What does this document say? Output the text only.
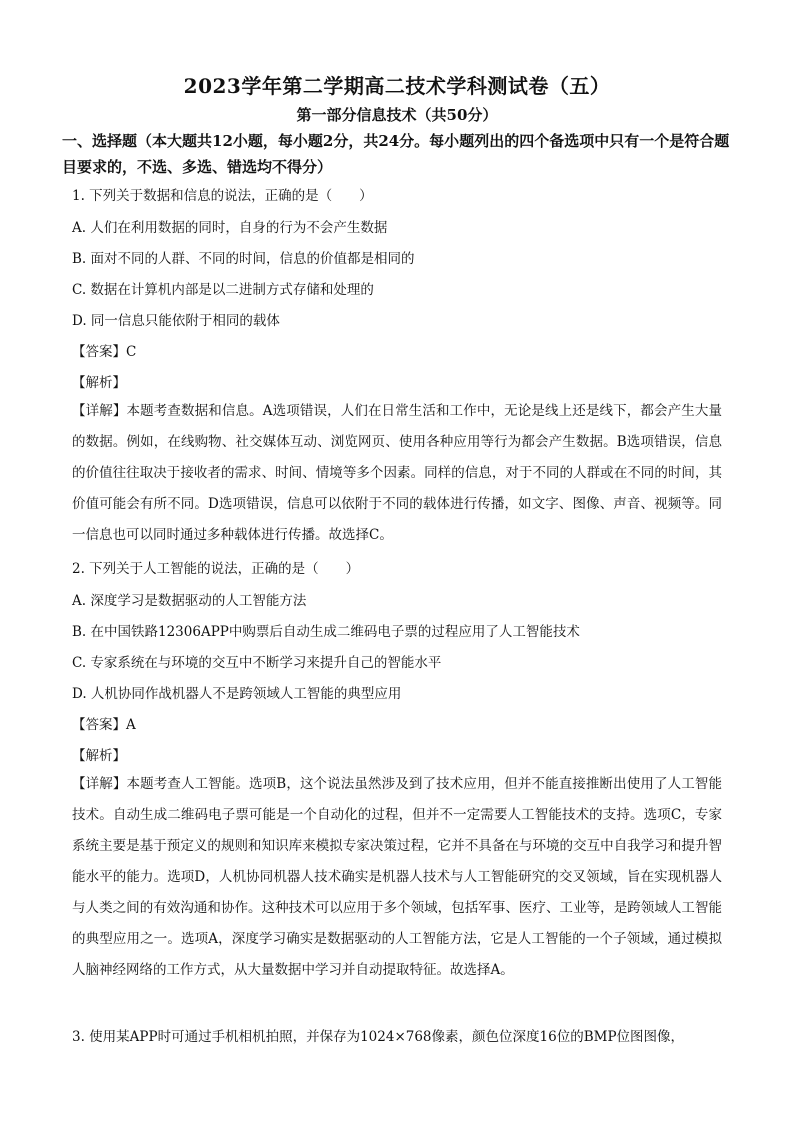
2023学年第二学期高二技术学科测试卷（五）
第一部分信息技术（共50分）
一、选择题（本大题共12小题，每小题2分，共24分。每小题列出的四个备选项中只有一个是符合题目要求的，不选、多选、错选均不得分）
1. 下列关于数据和信息的说法，正确的是（　　）
A. 人们在利用数据的同时，自身的行为不会产生数据
B. 面对不同的人群、不同的时间，信息的价值都是相同的
C. 数据在计算机内部是以二进制方式存储和处理的
D. 同一信息只能依附于相同的载体
【答案】C
【解析】
【详解】本题考查数据和信息。A选项错误，人们在日常生活和工作中，无论是线上还是线下，都会产生大量的数据。例如，在线购物、社交媒体互动、浏览网页、使用各种应用等行为都会产生数据。B选项错误，信息的价值往往取决于接收者的需求、时间、情境等多个因素。同样的信息，对于不同的人群或在不同的时间，其价值可能会有所不同。D选项错误，信息可以依附于不同的载体进行传播，如文字、图像、声音、视频等。同一信息也可以同时通过多种载体进行传播。故选择C。
2. 下列关于人工智能的说法，正确的是（　　）
A. 深度学习是数据驱动的人工智能方法
B. 在中国铁路12306APP中购票后自动生成二维码电子票的过程应用了人工智能技术
C. 专家系统在与环境的交互中不断学习来提升自己的智能水平
D. 人机协同作战机器人不是跨领域人工智能的典型应用
【答案】A
【解析】
【详解】本题考查人工智能。选项B，这个说法虽然涉及到了技术应用，但并不能直接推断出使用了人工智能技术。自动生成二维码电子票可能是一个自动化的过程，但并不一定需要人工智能技术的支持。选项C，专家系统主要是基于预定义的规则和知识库来模拟专家决策过程，它并不具备在与环境的交互中自我学习和提升智能水平的能力。选项D，人机协同机器人技术确实是机器人技术与人工智能研究的交叉领域，旨在实现机器人与人类之间的有效沟通和协作。这种技术可以应用于多个领域，包括军事、医疗、工业等，是跨领域人工智能的典型应用之一。选项A，深度学习确实是数据驱动的人工智能方法，它是人工智能的一个子领域，通过模拟人脑神经网络的工作方式，从大量数据中学习并自动提取特征。故选择A。
3. 使用某APP时可通过手机相机拍照，并保存为1024×768像素，颜色位深度16位的BMP位图图像，
